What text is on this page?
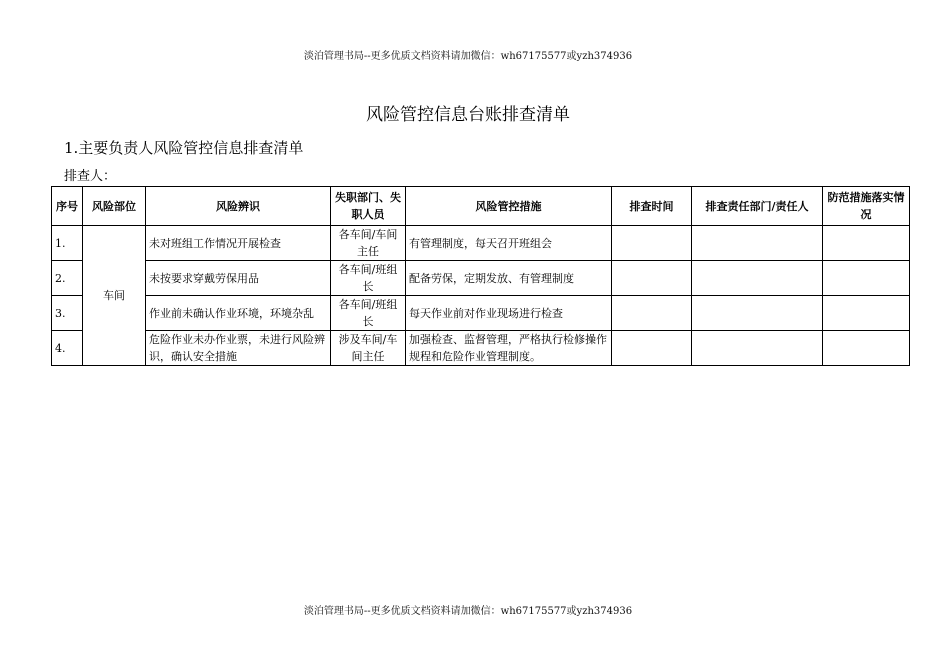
淡泊管理书局--更多优质文档资料请加微信：wh67175577或yzh374936
风险管控信息台账排查清单
1.主要负责人风险管控信息排查清单
排查人：
序号	风险部位	风险辨识	失职部门、失职人员	风险管控措施	排查时间	排查责任部门/责任人	防范措施落实情况
1.	车间	未对班组工作情况开展检查	各车间/车间主任	有管理制度，每天召开班组会			
2.		未按要求穿戴劳保用品	各车间/班组长	配备劳保，定期发放、有管理制度			
3.		作业前未确认作业环境，环境杂乱	各车间/班组长	每天作业前对作业现场进行检查			
4.		危险作业未办作业票，未进行风险辨识，确认安全措施	涉及车间/车间主任	加强检查、监督管理，严格执行检修操作规程和危险作业管理制度。			
淡泊管理书局--更多优质文档资料请加微信：wh67175577或yzh374936
